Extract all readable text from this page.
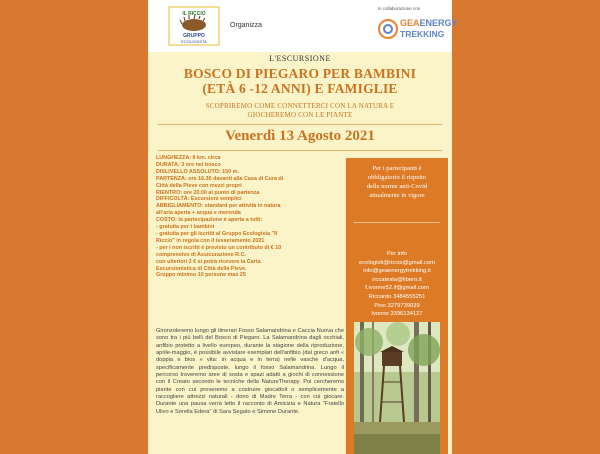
IL RICCIO
GRUPPO
ECOLOGISTA
Organizza
in collaborazione con
GEAENERGY
TREKKING
L'ESCURSIONE
BOSCO DI PIEGARO PER BAMBINI
(ETÀ 6 -12 ANNI) E FAMIGLIE
SCOPRIREMO COME CONNETTERCI CON LA NATURA E
GIOCHEREMO CON LE PIANTE
Venerdì 13 Agosto 2021
LUNGHEZZA: 6 km. circa
DURATA: 3 ore nel bosco
DISLIVELLO ASSOLUTO: 150 m.
PARTENZA: ore 16.30 davanti alla Casa di Cura di
Città della Pieve con mezzi propri
RIENTRO: ore 20.00 al punto di partenza
DIFFICOLTÀ: Escursioni semplici
ABBIGLIAMENTO: standard per attività in natura
all'aria aperta + acqua e merenda
COSTO: la partecipazione è aperta a tutti:
- gratuita per i bambini
- gratuita per gli iscritti al Gruppo Ecologista "Il
Riccio" in regola con il tesseramento 2021
- per i non iscritti è previsto un contributo di € 10
comprensivo di Assicurazione R.C.
con ulteriori 2 € si potrà ricevere la Carta
Escursionistica di Città della Pieve.
Gruppo minimo 10 persone max 25
Gironzoleremo lungo gli itinerari Fosso Salamandrina e Caccia Nuova che sono tra i più belli del Bosco di Piegaro. La Salamandrina dagli occhiali, anfibio protetto a livello europeo, durante la stagione della riproduzione, aprile-maggio, è possibile avvistare esemplari dell'anfibio (dal greco anfi « doppia e bios » vita: in acqua e in terra) nelle vasche d'acqua, specificamente predisposte, lungo il fosso Salamandrina. Lungo il percorso troveremo aree di sosta e spazi adatti a giochi di connessione con il Creato secondo le tecniche della NatureTherapy. Poi cercheremo piante con cui proveremo a costruire giocattoli o semplicemente a raccogliere attrezzi naturali - dono di Madre Terra - con cui giocare. Durante una pausa verrà letto il racconto di Amicizia e Natura "Fratello Ulivo e Sorella Edera" di Sara Segato e Simone Durante.
Per i partecipanti è
obbligatorio il rispetto
delle norme anti-Covid
attualmente in vigore
Per info
ecologisti@riccio@gmail.com
info@geaenergytrekking.it
riccatesta@libero.it
f.ivonne52.if@gmail.com
Riccardo 3484555251
Pino 3279739039
Ivonne 3396134127
